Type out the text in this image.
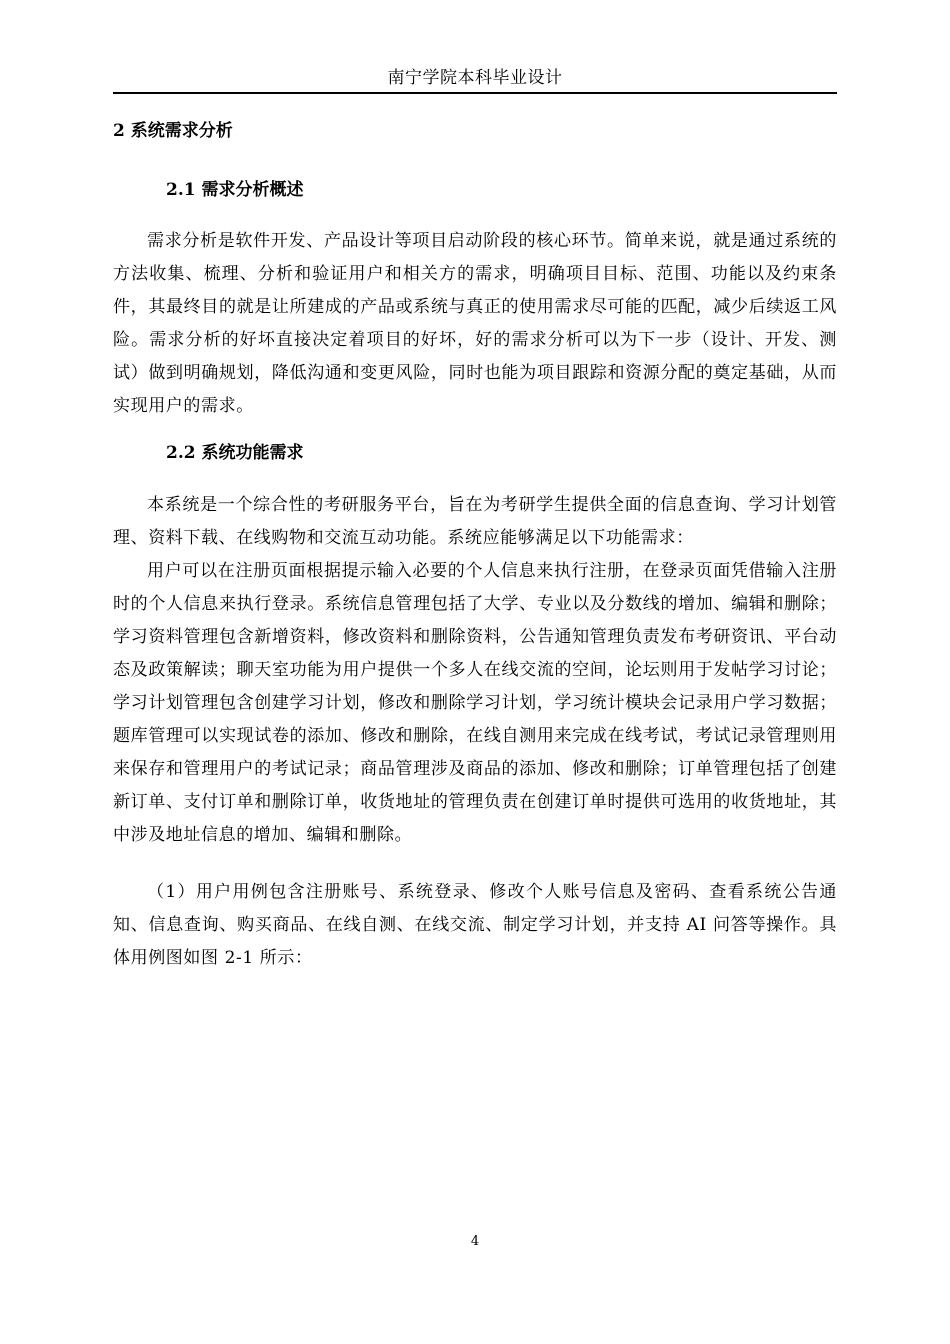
南宁学院本科毕业设计
2 系统需求分析
2.1 需求分析概述
需求分析是软件开发、产品设计等项目启动阶段的核心环节。简单来说，就是通过系统的方法收集、梳理、分析和验证用户和相关方的需求，明确项目目标、范围、功能以及约束条件，其最终目的就是让所建成的产品或系统与真正的使用需求尽可能的匹配，减少后续返工风险。需求分析的好坏直接决定着项目的好坏，好的需求分析可以为下一步（设计、开发、测试）做到明确规划，降低沟通和变更风险，同时也能为项目跟踪和资源分配的奠定基础，从而实现用户的需求。
2.2 系统功能需求
本系统是一个综合性的考研服务平台，旨在为考研学生提供全面的信息查询、学习计划管理、资料下载、在线购物和交流互动功能。系统应能够满足以下功能需求：
用户可以在注册页面根据提示输入必要的个人信息来执行注册，在登录页面凭借输入注册时的个人信息来执行登录。系统信息管理包括了大学、专业以及分数线的增加、编辑和删除；学习资料管理包含新增资料，修改资料和删除资料，公告通知管理负责发布考研资讯、平台动态及政策解读；聊天室功能为用户提供一个多人在线交流的空间，论坛则用于发帖学习讨论；学习计划管理包含创建学习计划，修改和删除学习计划，学习统计模块会记录用户学习数据；题库管理可以实现试卷的添加、修改和删除，在线自测用来完成在线考试，考试记录管理则用来保存和管理用户的考试记录；商品管理涉及商品的添加、修改和删除；订单管理包括了创建新订单、支付订单和删除订单，收货地址的管理负责在创建订单时提供可选用的收货地址，其中涉及地址信息的增加、编辑和删除。
（1）用户用例包含注册账号、系统登录、修改个人账号信息及密码、查看系统公告通知、信息查询、购买商品、在线自测、在线交流、制定学习计划，并支持 AI 问答等操作。具体用例图如图 2-1 所示：
4
